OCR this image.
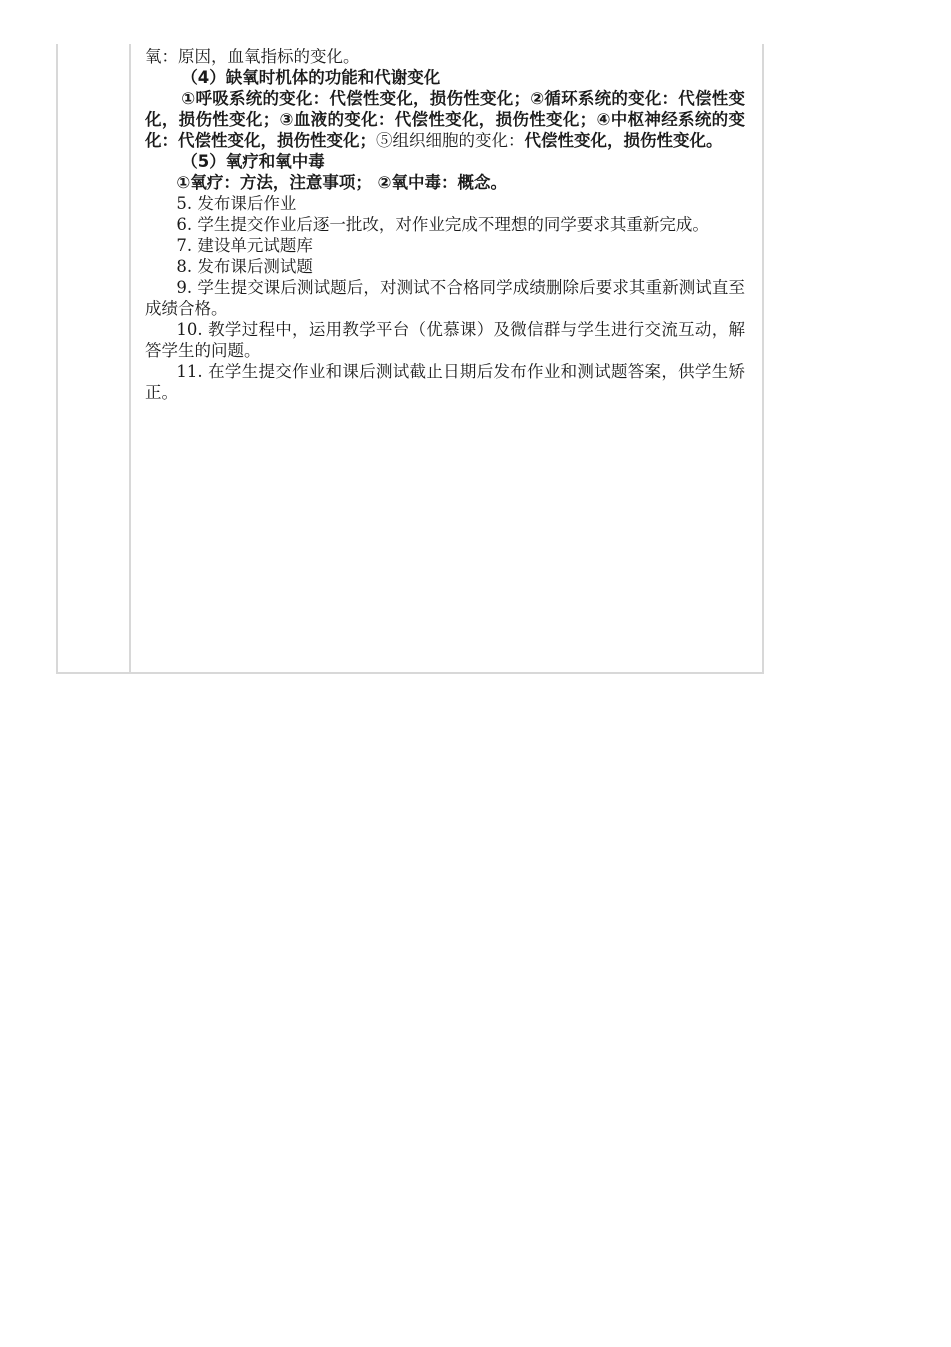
氧：原因，血氧指标的变化。

（4）缺氧时机体的功能和代谢变化

①呼吸系统的变化：代偿性变化，损伤性变化；②循环系统的变化：代偿性变化，损伤性变化；③血液的变化：代偿性变化，损伤性变化；④中枢神经系统的变化：代偿性变化，损伤性变化；⑤组织细胞的变化：代偿性变化，损伤性变化。

（5）氧疗和氧中毒

①氧疗：方法，注意事项； ②氧中毒：概念。

5. 发布课后作业

6. 学生提交作业后逐一批改，对作业完成不理想的同学要求其重新完成。

7. 建设单元试题库

8. 发布课后测试题

9. 学生提交课后测试题后，对测试不合格同学成绩删除后要求其重新测试直至成绩合格。

10. 教学过程中，运用教学平台（优慕课）及微信群与学生进行交流互动，解答学生的问题。

11. 在学生提交作业和课后测试截止日期后发布作业和测试题答案，供学生矫正。
